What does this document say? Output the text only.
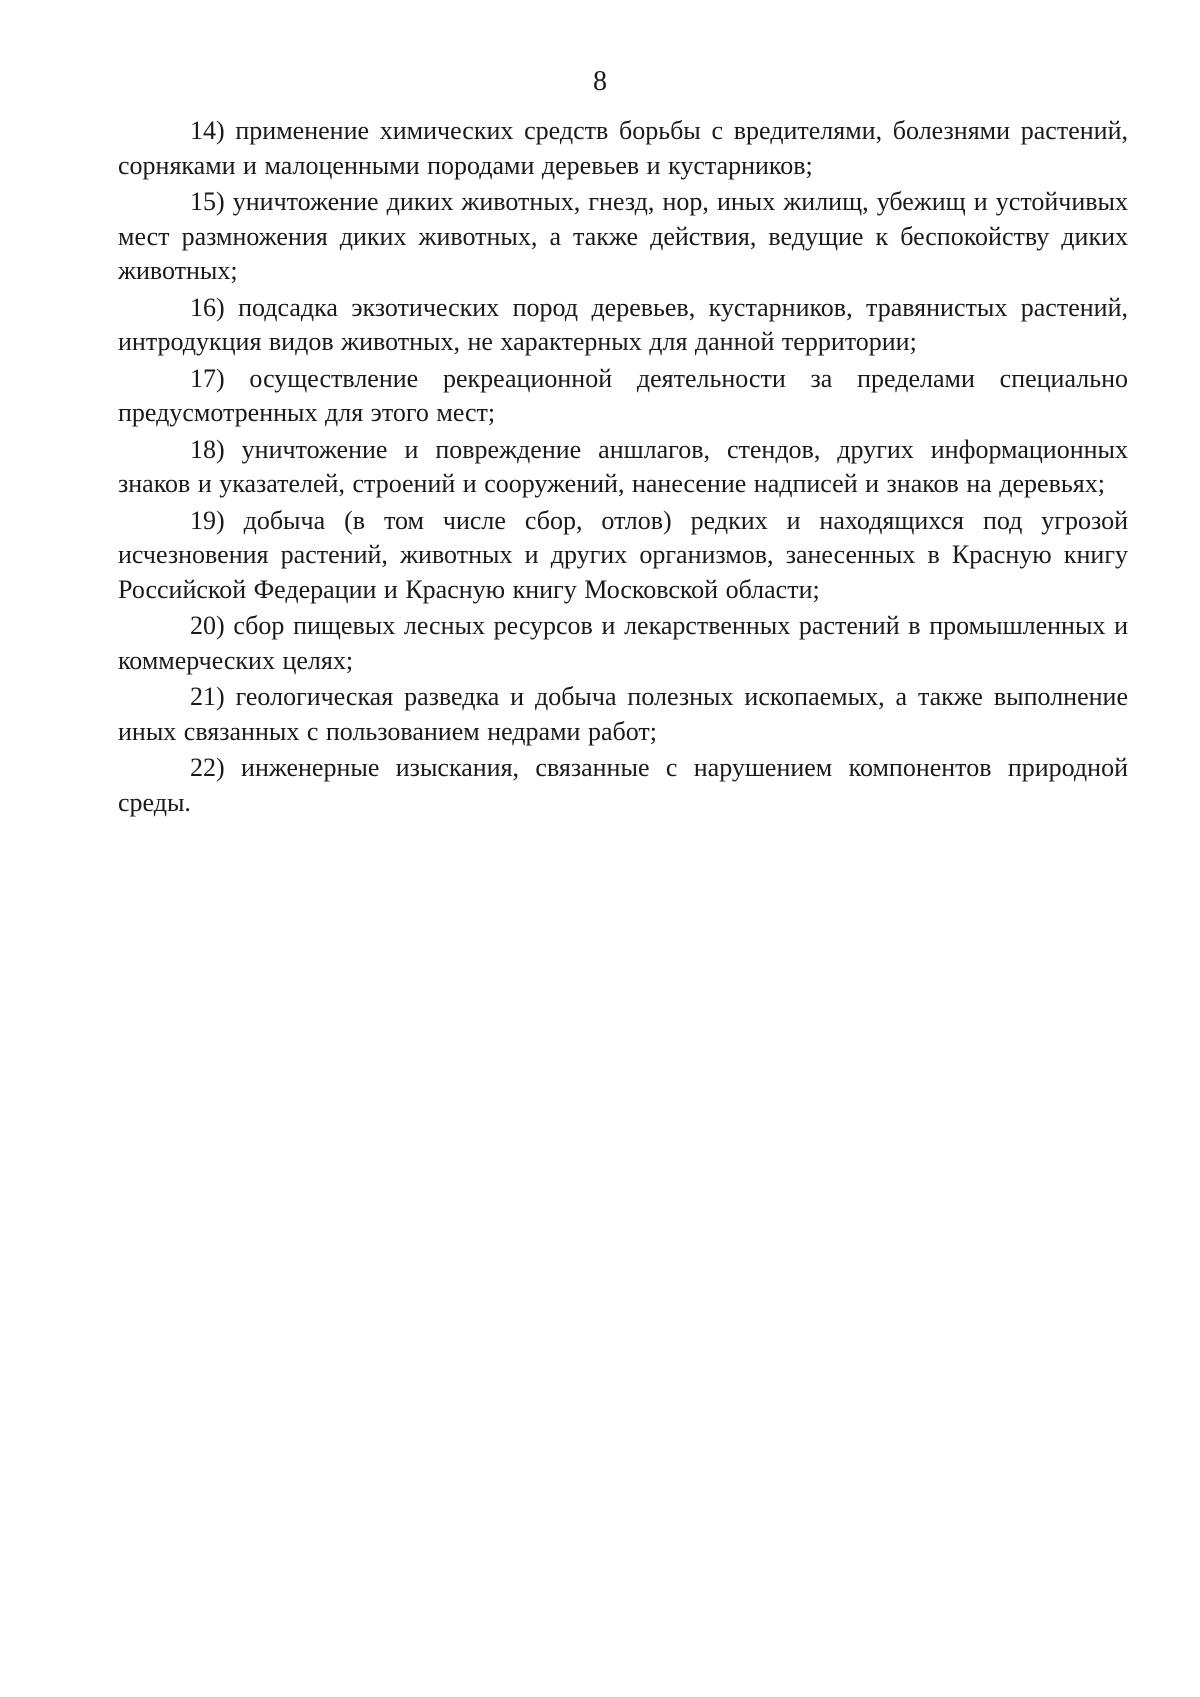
8
14) применение химических средств борьбы с вредителями, болезнями растений, сорняками и малоценными породами деревьев и кустарников;
15) уничтожение диких животных, гнезд, нор, иных жилищ, убежищ и устойчивых мест размножения диких животных, а также действия, ведущие к беспокойству диких животных;
16) подсадка экзотических пород деревьев, кустарников, травянистых растений, интродукция видов животных, не характерных для данной территории;
17) осуществление рекреационной деятельности за пределами специально предусмотренных для этого мест;
18) уничтожение и повреждение аншлагов, стендов, других информационных знаков и указателей, строений и сооружений, нанесение надписей и знаков на деревьях;
19) добыча (в том числе сбор, отлов) редких и находящихся под угрозой исчезновения растений, животных и других организмов, занесенных в Красную книгу Российской Федерации и Красную книгу Московской области;
20) сбор пищевых лесных ресурсов и лекарственных растений в промышленных и коммерческих целях;
21) геологическая разведка и добыча полезных ископаемых, а также выполнение иных связанных с пользованием недрами работ;
22) инженерные изыскания, связанные с нарушением компонентов природной среды.
